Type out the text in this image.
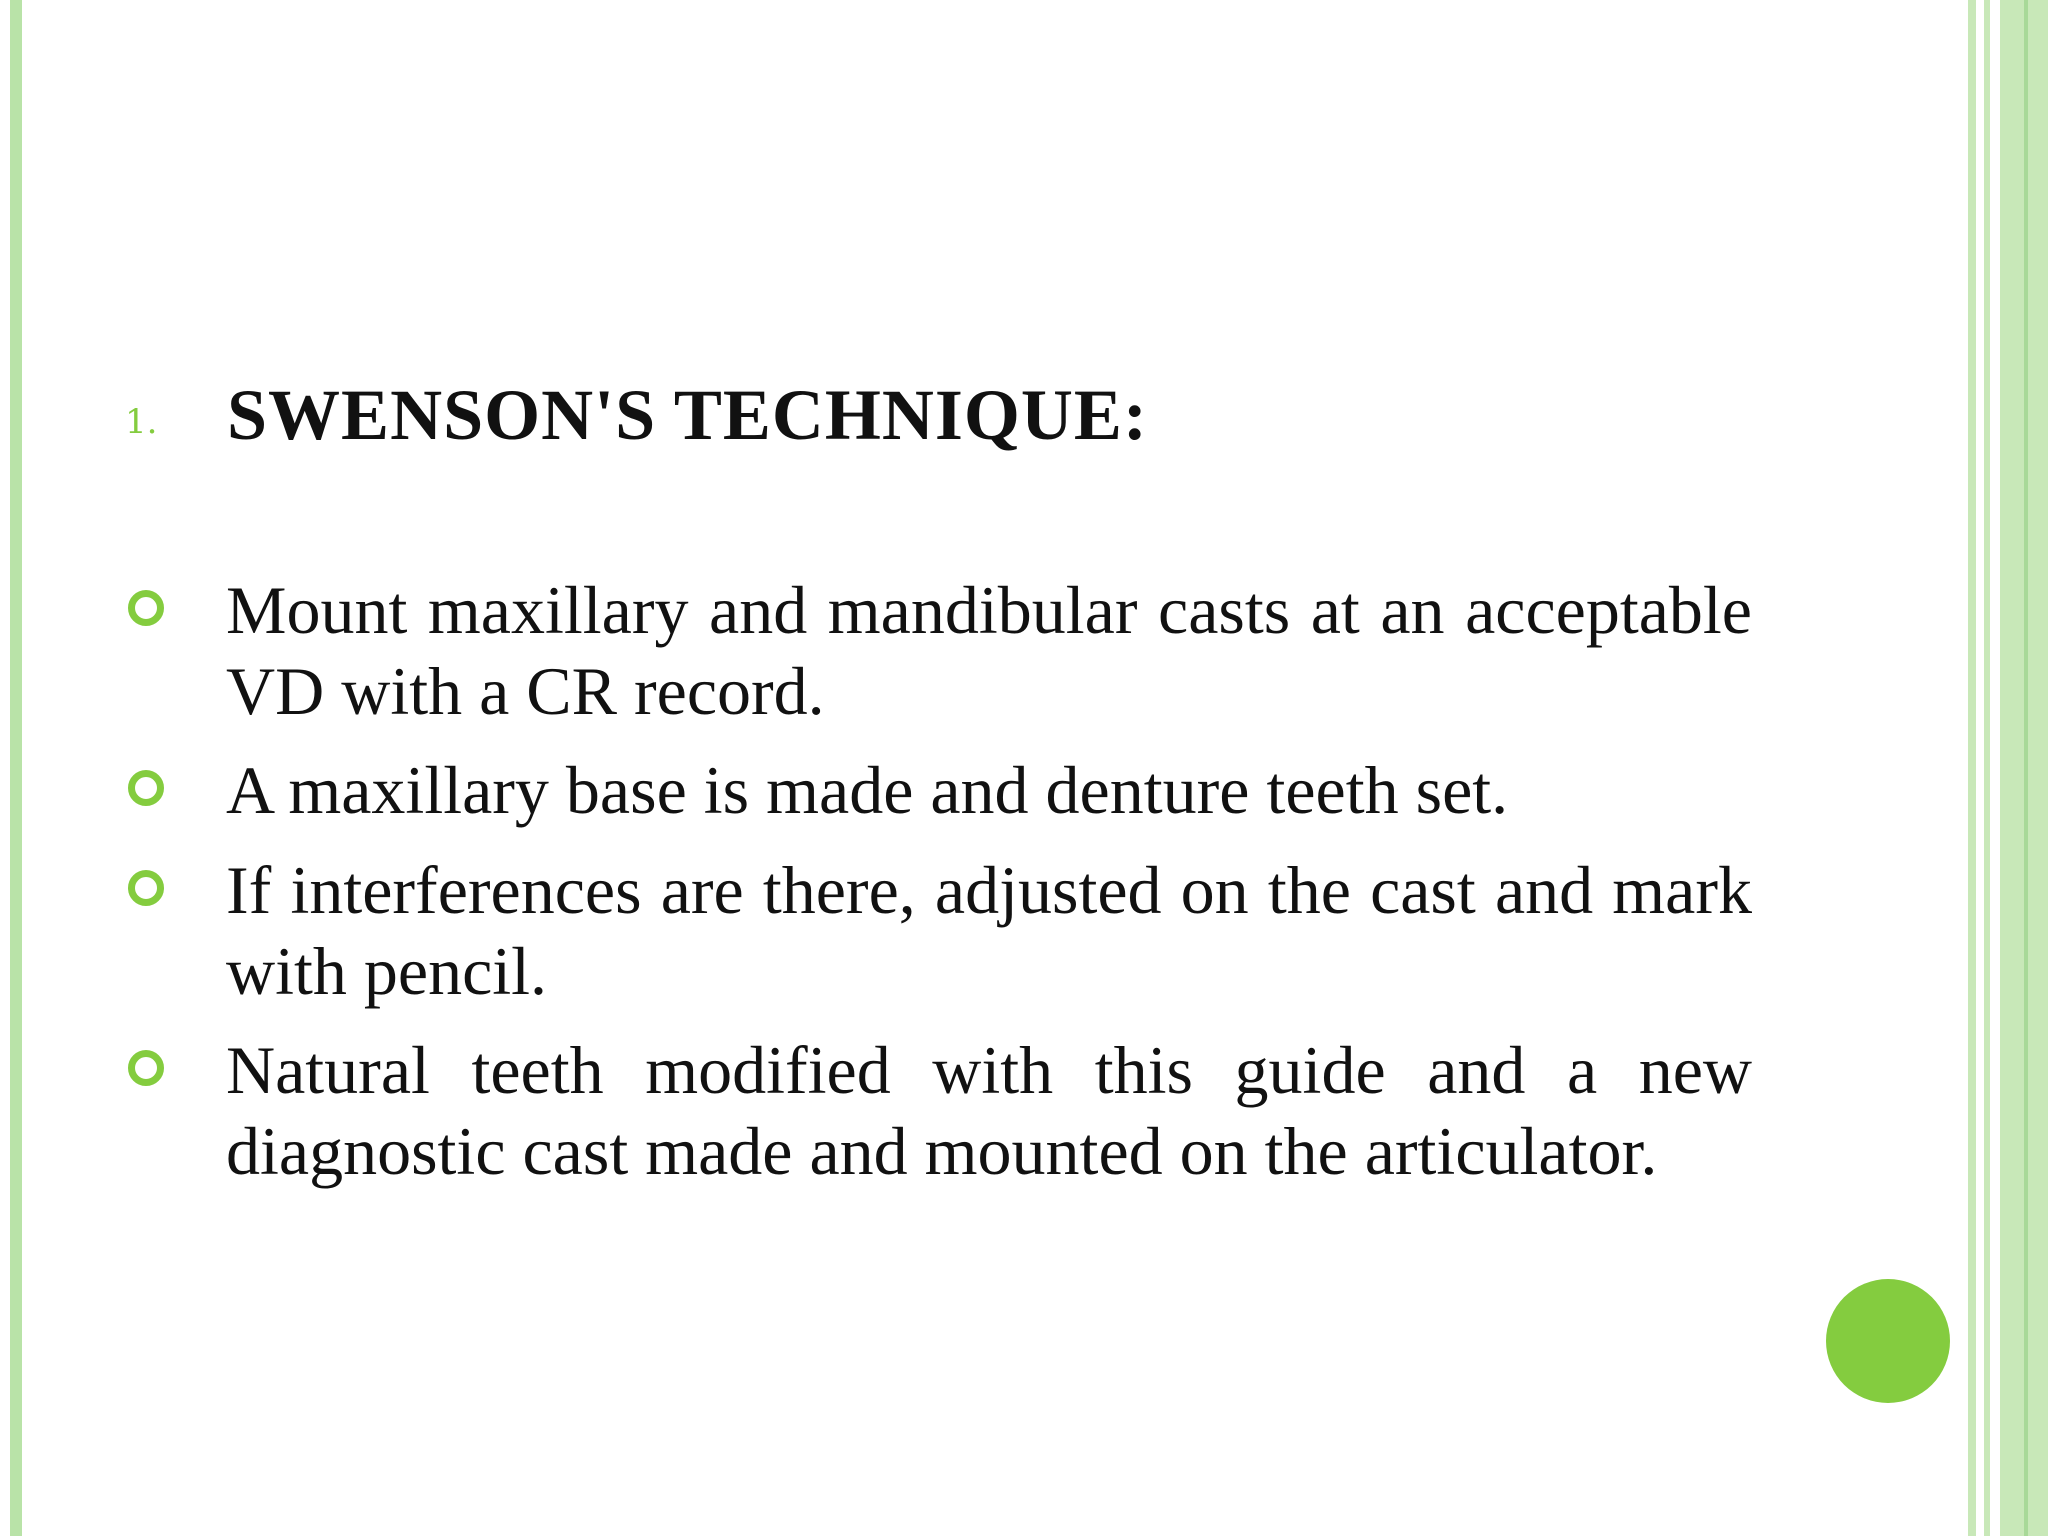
1. SWENSON'S TECHNIQUE:
Mount maxillary and mandibular casts at an acceptable VD with a CR record.
A maxillary base is made and denture teeth set.
If interferences are there, adjusted on the cast and mark with pencil.
Natural teeth modified with this guide and a new diagnostic cast made and mounted on the articulator.
